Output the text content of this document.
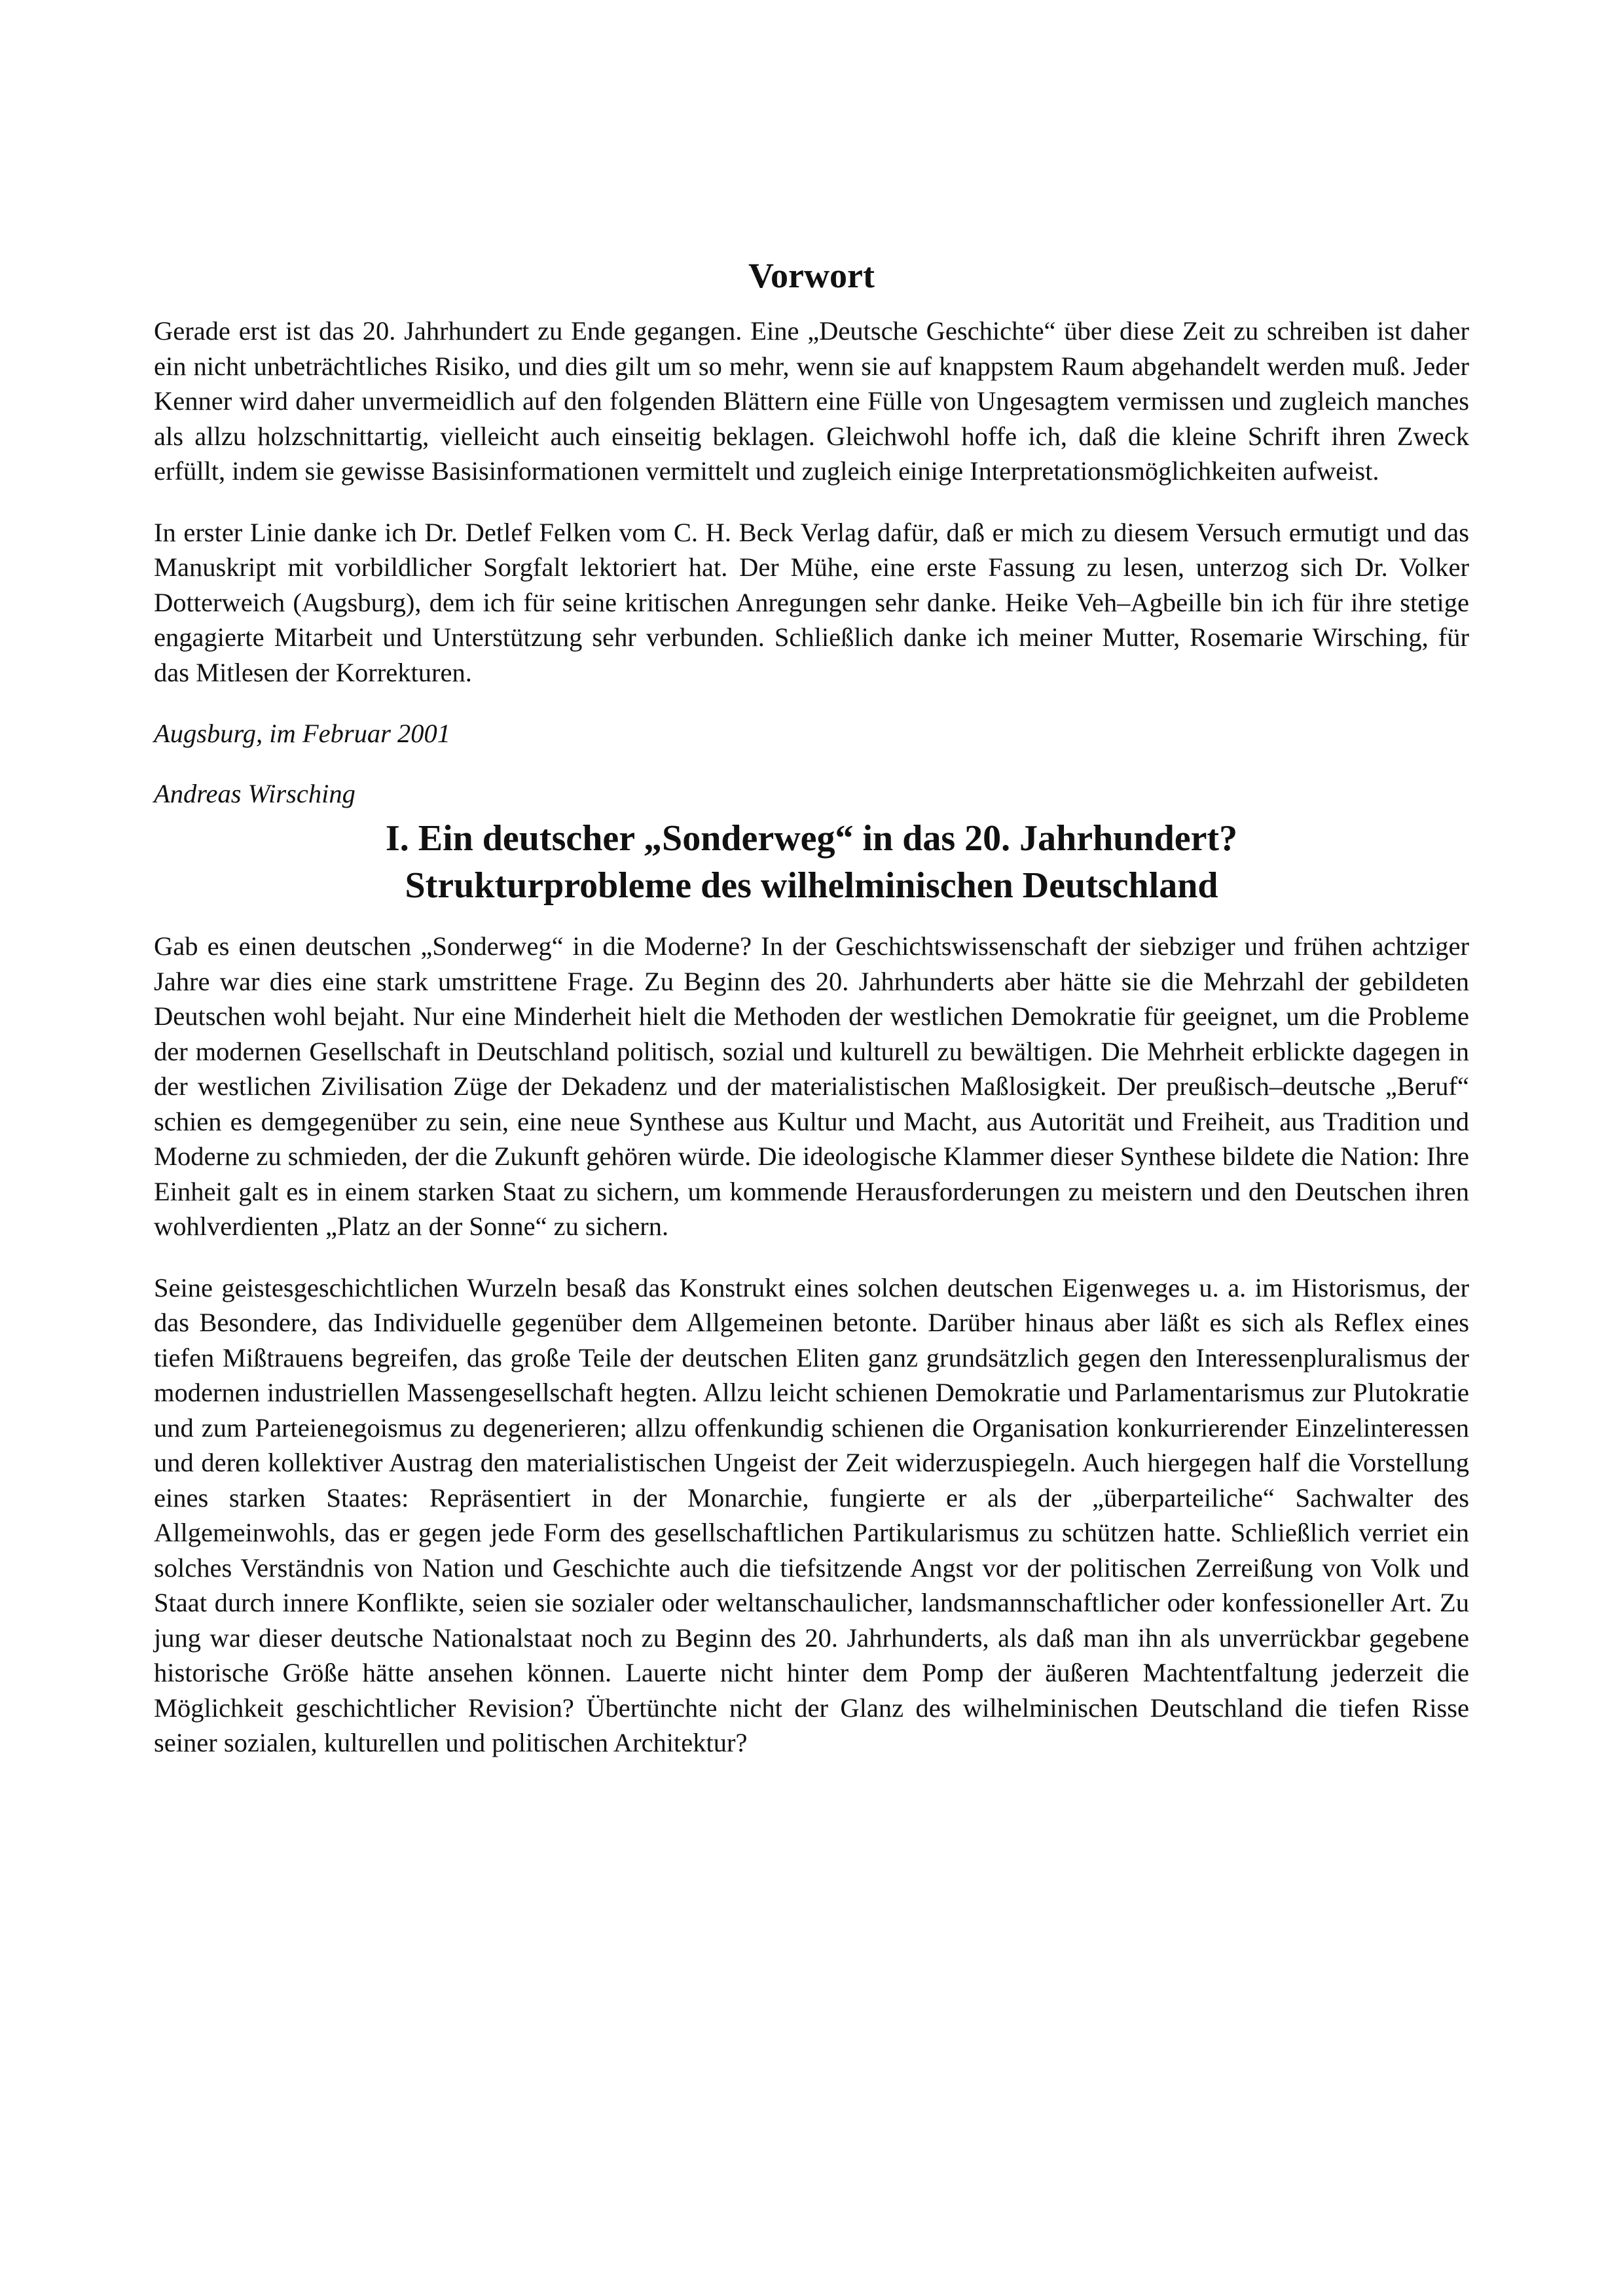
Vorwort

Gerade erst ist das 20. Jahrhundert zu Ende gegangen. Eine „Deutsche Geschichte“ über diese Zeit zu schreiben ist daher ein nicht unbeträchtliches Risiko, und dies gilt um so mehr, wenn sie auf knappstem Raum abgehandelt werden muß. Jeder Kenner wird daher unvermeidlich auf den folgenden Blättern eine Fülle von Ungesagtem vermissen und zugleich manches als allzu holzschnittartig, vielleicht auch einseitig beklagen. Gleichwohl hoffe ich, daß die kleine Schrift ihren Zweck erfüllt, indem sie gewisse Basisinformationen vermittelt und zugleich einige Interpretationsmöglichkeiten aufweist.

In erster Linie danke ich Dr. Detlef Felken vom C. H. Beck Verlag dafür, daß er mich zu diesem Versuch ermutigt und das Manuskript mit vorbildlicher Sorgfalt lektoriert hat. Der Mühe, eine erste Fassung zu lesen, unterzog sich Dr. Volker Dotterweich (Augsburg), dem ich für seine kritischen Anregungen sehr danke. Heike Veh–Agbeille bin ich für ihre stetige engagierte Mitarbeit und Unterstützung sehr verbunden. Schließlich danke ich meiner Mutter, Rosemarie Wirsching, für das Mitlesen der Korrekturen.

Augsburg, im Februar 2001

Andreas Wirsching

I. Ein deutscher „Sonderweg“ in das 20. Jahrhundert?
Strukturprobleme des wilhelminischen Deutschland

Gab es einen deutschen „Sonderweg“ in die Moderne? In der Geschichtswissenschaft der siebziger und frühen achtziger Jahre war dies eine stark umstrittene Frage. Zu Beginn des 20. Jahrhunderts aber hätte sie die Mehrzahl der gebildeten Deutschen wohl bejaht. Nur eine Minderheit hielt die Methoden der westlichen Demokratie für geeignet, um die Probleme der modernen Gesellschaft in Deutschland politisch, sozial und kulturell zu bewältigen. Die Mehrheit erblickte dagegen in der westlichen Zivilisation Züge der Dekadenz und der materialistischen Maßlosigkeit. Der preußisch–deutsche „Beruf“ schien es demgegenüber zu sein, eine neue Synthese aus Kultur und Macht, aus Autorität und Freiheit, aus Tradition und Moderne zu schmieden, der die Zukunft gehören würde. Die ideologische Klammer dieser Synthese bildete die Nation: Ihre Einheit galt es in einem starken Staat zu sichern, um kommende Herausforderungen zu meistern und den Deutschen ihren wohlverdienten „Platz an der Sonne“ zu sichern.

Seine geistesgeschichtlichen Wurzeln besaß das Konstrukt eines solchen deutschen Eigenweges u. a. im Historismus, der das Besondere, das Individuelle gegenüber dem Allgemeinen betonte. Darüber hinaus aber läßt es sich als Reflex eines tiefen Mißtrauens begreifen, das große Teile der deutschen Eliten ganz grundsätzlich gegen den Interessenpluralismus der modernen industriellen Massengesellschaft hegten. Allzu leicht schienen Demokratie und Parlamentarismus zur Plutokratie und zum Parteienegoismus zu degenerieren; allzu offenkundig schienen die Organisation konkurrierender Einzelinteressen und deren kollektiver Austrag den materialistischen Ungeist der Zeit widerzuspiegeln. Auch hiergegen half die Vorstellung eines starken Staates: Repräsentiert in der Monarchie, fungierte er als der „überparteiliche“ Sachwalter des Allgemeinwohls, das er gegen jede Form des gesellschaftlichen Partikularismus zu schützen hatte. Schließlich verriet ein solches Verständnis von Nation und Geschichte auch die tiefsitzende Angst vor der politischen Zerreißung von Volk und Staat durch innere Konflikte, seien sie sozialer oder weltanschaulicher, landsmannschaftlicher oder konfessioneller Art. Zu jung war dieser deutsche Nationalstaat noch zu Beginn des 20. Jahrhunderts, als daß man ihn als unverrückbar gegebene historische Größe hätte ansehen können. Lauerte nicht hinter dem Pomp der äußeren Machtentfaltung jederzeit die Möglichkeit geschichtlicher Revision? Übertünchte nicht der Glanz des wilhelminischen Deutschland die tiefen Risse seiner sozialen, kulturellen und politischen Architektur?
